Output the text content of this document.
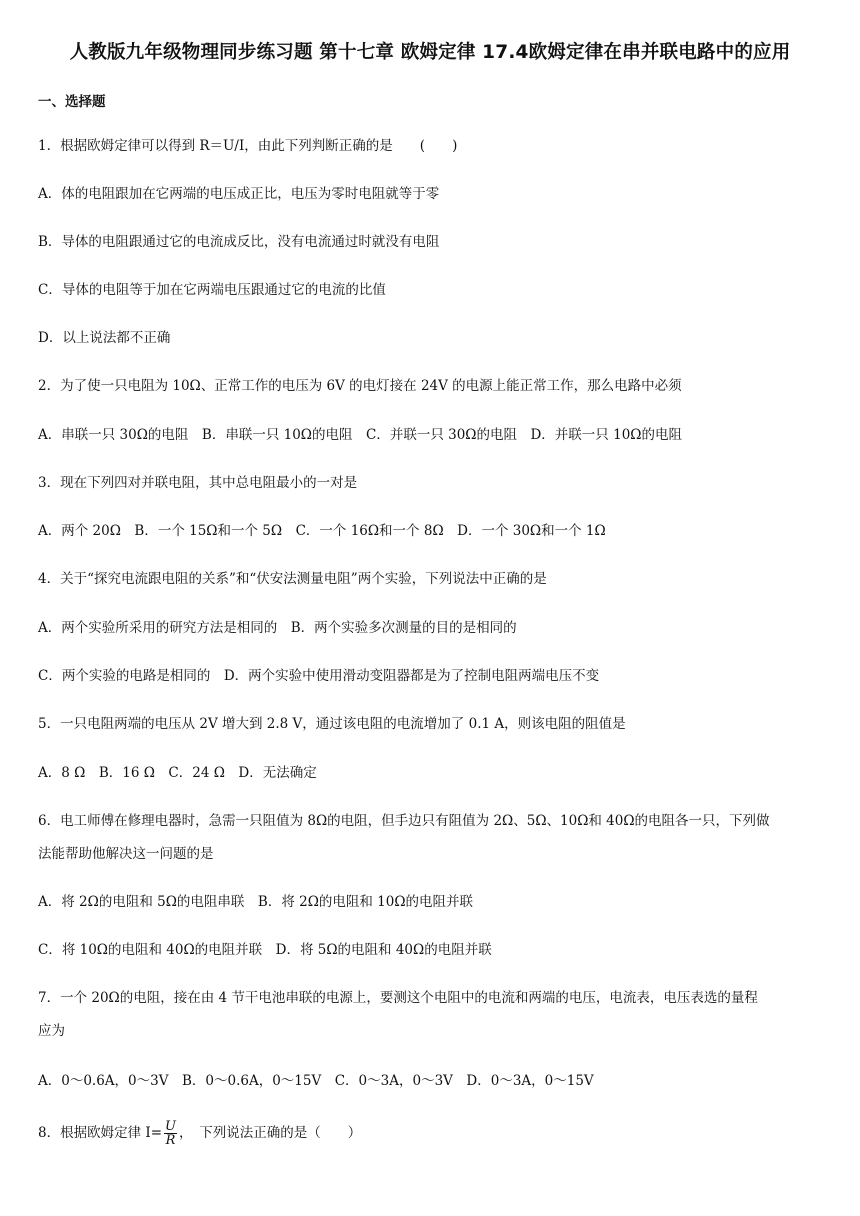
人教版九年级物理同步练习题 第十七章 欧姆定律 17.4欧姆定律在串并联电路中的应用
一、选择题
1．根据欧姆定律可以得到 R＝U/I，由此下列判断正确的是　　(　　)
A．体的电阻跟加在它两端的电压成正比，电压为零时电阻就等于零
B．导体的电阻跟通过它的电流成反比，没有电流通过时就没有电阻
C．导体的电阻等于加在它两端电压跟通过它的电流的比值
D．以上说法都不正确
2．为了使一只电阻为 10Ω、正常工作的电压为 6V 的电灯接在 24V 的电源上能正常工作，那么电路中必须
A．串联一只 30Ω的电阻　B．串联一只 10Ω的电阻　C．并联一只 30Ω的电阻　D．并联一只 10Ω的电阻
3．现在下列四对并联电阻，其中总电阻最小的一对是
A．两个 20Ω　B．一个 15Ω和一个 5Ω　C．一个 16Ω和一个 8Ω　D．一个 30Ω和一个 1Ω
4．关于“探究电流跟电阻的关系”和“伏安法测量电阻”两个实验，下列说法中正确的是
A．两个实验所采用的研究方法是相同的　B．两个实验多次测量的目的是相同的
C．两个实验的电路是相同的　D．两个实验中使用滑动变阻器都是为了控制电阻两端电压不变
5．一只电阻两端的电压从 2V 增大到 2.8 V，通过该电阻的电流增加了 0.1 A，则该电阻的阻值是
A．8 Ω　B．16 Ω　C．24 Ω　D．无法确定
6．电工师傅在修理电器时，急需一只阻值为 8Ω的电阻，但手边只有阻值为 2Ω、5Ω、10Ω和 40Ω的电阻各一只，下列做
法能帮助他解决这一问题的是
A．将 2Ω的电阻和 5Ω的电阻串联　B．将 2Ω的电阻和 10Ω的电阻并联
C．将 10Ω的电阻和 40Ω的电阻并联　D．将 5Ω的电阻和 40Ω的电阻并联
7．一个 20Ω的电阻，接在由 4 节干电池串联的电源上，要测这个电阻中的电流和两端的电压，电流表，电压表选的量程
应为
A．0～0.6A，0～3V　B．0～0.6A，0～15V　C．0～3A，0～3V　D．0～3A，0～15V
8．根据欧姆定律 $I= \frac{U}{R}$ ，　下列说法正确的是（　　）
